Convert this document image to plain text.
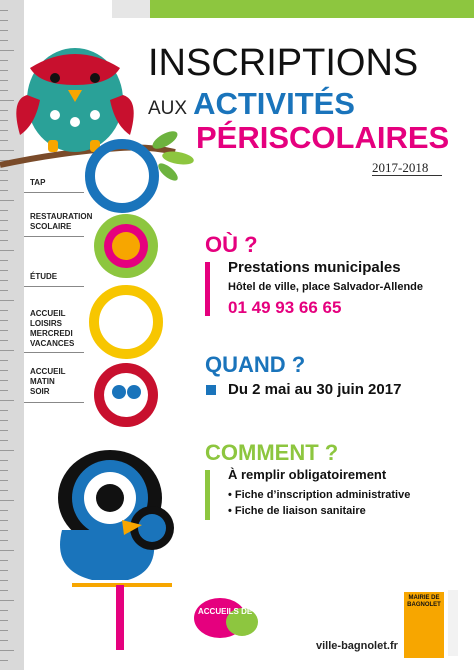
TAP
RESTAURATION
SCOLAIRE
ÉTUDE
ACCUEIL
LOISIRS
MERCREDI
VACANCES
ACCUEIL
MATIN
SOIR
INSCRIPTIONS
AUX ACTIVITÉS
PÉRISCOLAIRES
2017-2018
OÙ ?
Prestations municipales
Hôtel de ville, place Salvador-Allende
01 49 93 66 65
QUAND ?
Du 2 mai au 30 juin 2017
COMMENT ?
À remplir obligatoirement
• Fiche d’inscription administrative
• Fiche de liaison sanitaire
ACCUEILS DE LOISIRS
ville-bagnolet.fr
MAIRIE DE BAGNOLET
